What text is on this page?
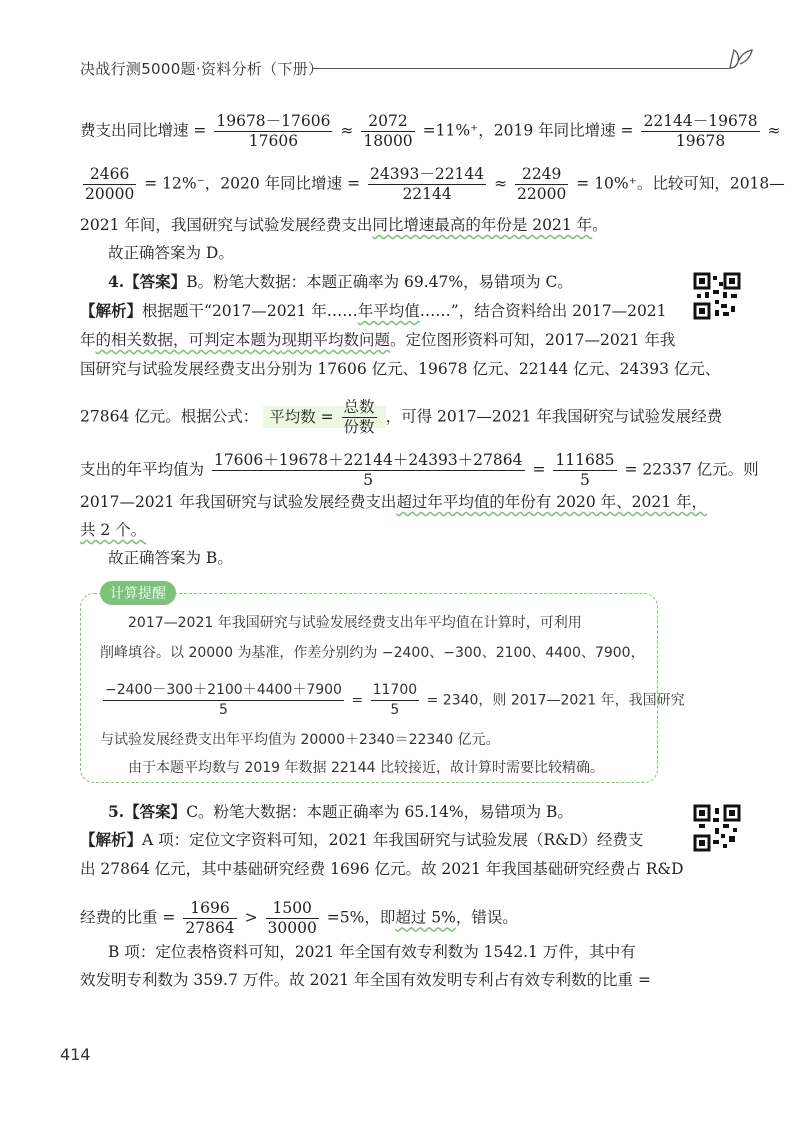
决战行测5000题·资料分析（下册）
费支出同比增速 = $\frac{19678-17606}{17606} \approx \frac{2072}{18000} =11\%^+$，2019 年同比增速 = $\frac{22144-19678}{19678}$ ≈
$\frac{2466}{20000} = 12\%^-$，2020 年同比增速 = $\frac{24393-22144}{22144} \approx \frac{2249}{22000} = 10\%^+$。比较可知，2018—
2021 年间，我国研究与试验发展经费支出同比增速最高的年份是 2021 年。
故正确答案为 D。
4.【答案】B。粉笔大数据：本题正确率为 69.47%，易错项为 C。
【解析】根据题干“2017—2021 年……年平均值……”，结合资料给出 2017—2021
年的相关数据，可判定本题为现期平均数问题。定位图形资料可知，2017—2021 年我
国研究与试验发展经费支出分别为 17606 亿元、19678 亿元、22144 亿元、24393 亿元、
27864 亿元。根据公式： 平均数 = $\frac{\text{总数}}{\text{份数}}$ ，可得 2017—2021 年我国研究与试验发展经费
支出的年平均值为 $\frac{17606+19678+22144+24393+27864}{5} = \frac{111685}{5} = 22337$ 亿元。则
2017—2021 年我国研究与试验发展经费支出超过年平均值的年份有 2020 年、2021 年，
共 2 个。
故正确答案为 B。
计算提醒
2017—2021 年我国研究与试验发展经费支出年平均值在计算时，可利用
削峰填谷。以 20000 为基准，作差分别约为 −2400、−300、2100、4400、7900，
$\frac{-2400-300+2100+4400+7900}{5} = \frac{11700}{5} = 2340$，则 2017—2021 年，我国研究
与试验发展经费支出年平均值为 20000＋2340＝22340 亿元。
由于本题平均数与 2019 年数据 22144 比较接近，故计算时需要比较精确。
5.【答案】C。粉笔大数据：本题正确率为 65.14%，易错项为 B。
【解析】A 项：定位文字资料可知，2021 年我国研究与试验发展（R&D）经费支
出 27864 亿元，其中基础研究经费 1696 亿元。故 2021 年我国基础研究经费占 R&D
经费的比重 = $\frac{1696}{27864} > \frac{1500}{30000} =5\%$，即超过 5%，错误。
B 项：定位表格资料可知，2021 年全国有效专利数为 1542.1 万件，其中有
效发明专利数为 359.7 万件。故 2021 年全国有效发明专利占有效专利数的比重 =
414
